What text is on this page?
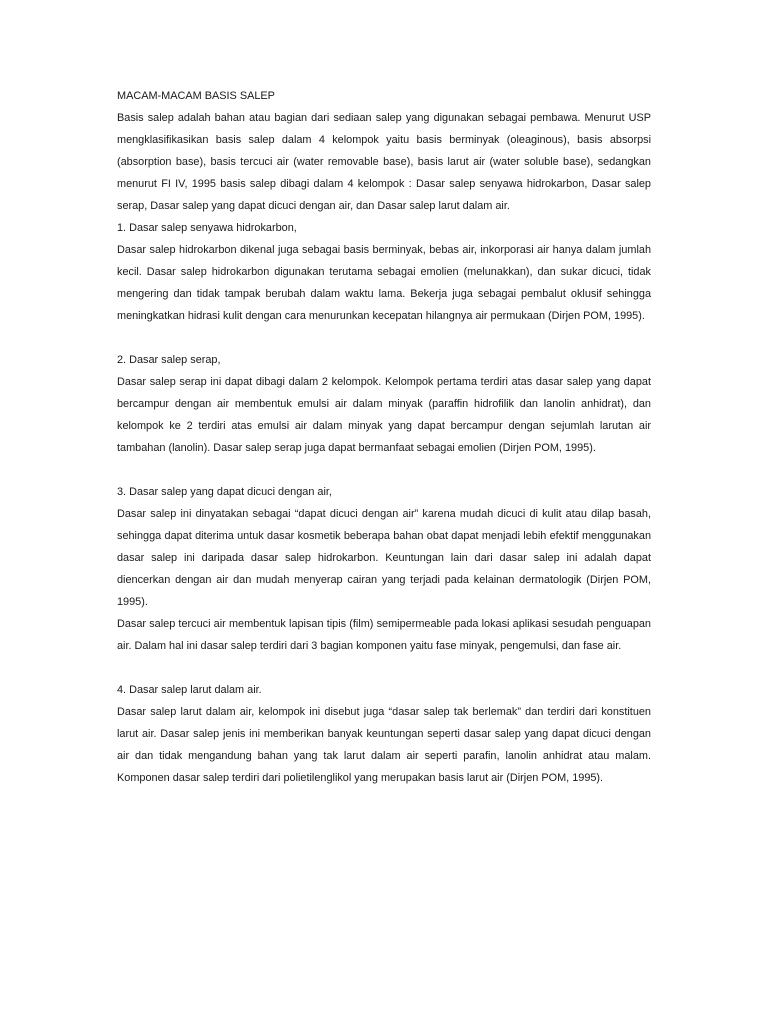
MACAM-MACAM BASIS SALEP

Basis salep adalah bahan atau bagian dari sediaan salep yang digunakan sebagai pembawa. Menurut USP mengklasifikasikan basis salep dalam 4 kelompok yaitu basis berminyak (oleaginous), basis absorpsi (absorption base), basis tercuci air (water removable base), basis larut air (water soluble base), sedangkan menurut FI IV, 1995 basis salep dibagi dalam 4 kelompok : Dasar salep senyawa hidrokarbon, Dasar salep serap, Dasar salep yang dapat dicuci dengan air, dan Dasar salep larut dalam air.

1. Dasar salep senyawa hidrokarbon,

Dasar salep hidrokarbon dikenal juga sebagai basis berminyak, bebas air, inkorporasi air hanya dalam jumlah kecil. Dasar salep hidrokarbon digunakan terutama sebagai emolien (melunakkan), dan sukar dicuci, tidak mengering dan tidak tampak berubah dalam waktu lama. Bekerja juga sebagai pembalut oklusif sehingga meningkatkan hidrasi kulit dengan cara menurunkan kecepatan hilangnya air permukaan (Dirjen POM, 1995).

2. Dasar salep serap,

Dasar salep serap ini dapat dibagi dalam 2 kelompok. Kelompok pertama terdiri atas dasar salep yang dapat bercampur dengan air membentuk emulsi air dalam minyak (paraffin hidrofilik dan lanolin anhidrat), dan kelompok ke 2 terdiri atas emulsi air dalam minyak yang dapat bercampur dengan sejumlah larutan air tambahan (lanolin). Dasar salep serap juga dapat bermanfaat sebagai emolien (Dirjen POM, 1995).

3. Dasar salep yang dapat dicuci dengan air,

Dasar salep ini dinyatakan sebagai “dapat dicuci dengan air” karena mudah dicuci di kulit atau dilap basah, sehingga dapat diterima untuk dasar kosmetik beberapa bahan obat dapat menjadi lebih efektif menggunakan dasar salep ini daripada dasar salep hidrokarbon. Keuntungan lain dari dasar salep ini adalah dapat diencerkan dengan air dan mudah menyerap cairan yang terjadi pada kelainan dermatologik (Dirjen POM, 1995).

Dasar salep tercuci air membentuk lapisan tipis (film) semipermeable pada lokasi aplikasi sesudah penguapan air. Dalam hal ini dasar salep terdiri dari 3 bagian komponen yaitu fase minyak, pengemulsi, dan fase air.

4. Dasar salep larut dalam air.

Dasar salep larut dalam air, kelompok ini disebut juga “dasar salep tak berlemak” dan terdiri dari konstituen larut air. Dasar salep jenis ini memberikan banyak keuntungan seperti dasar salep yang dapat dicuci dengan air dan tidak mengandung bahan yang tak larut dalam air seperti parafin, lanolin anhidrat atau malam. Komponen dasar salep terdiri dari polietilenglikol yang merupakan basis larut air (Dirjen POM, 1995).
